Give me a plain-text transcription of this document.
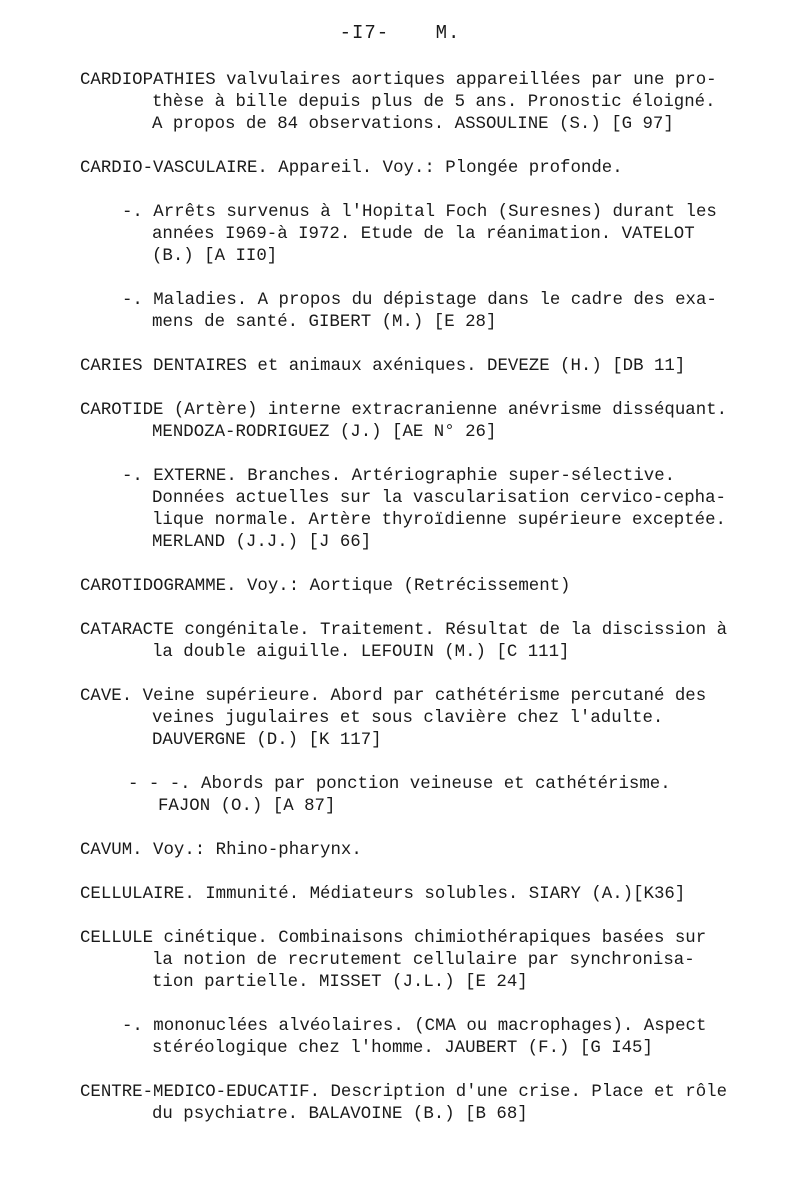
-I7- M.
CARDIOPATHIES valvulaires aortiques appareillées par une pro-
thèse à bille depuis plus de 5 ans. Pronostic éloigné.
A propos de 84 observations. ASSOULINE (S.) [G 97]
CARDIO-VASCULAIRE. Appareil. Voy.: Plongée profonde.
-. Arrêts survenus à l'Hopital Foch (Suresnes) durant les
années I969-à I972. Etude de la réanimation. VATELOT
(B.) [A II0]
-. Maladies. A propos du dépistage dans le cadre des exa-
mens de santé. GIBERT (M.) [E 28]
CARIES DENTAIRES et animaux axéniques. DEVEZE (H.) [DB 11]
CAROTIDE (Artère) interne extracranienne anévrisme disséquant.
MENDOZA-RODRIGUEZ (J.) [AE N° 26]
-. EXTERNE. Branches. Artériographie super-sélective.
Données actuelles sur la vascularisation cervico-cepha-
lique normale. Artère thyroïdienne supérieure exceptée.
MERLAND (J.J.) [J 66]
CAROTIDOGRAMME. Voy.: Aortique (Retrécissement)
CATARACTE congénitale. Traitement. Résultat de la discission à
la double aiguille. LEFOUIN (M.) [C 111]
CAVE. Veine supérieure. Abord par cathétérisme percutané des
veines jugulaires et sous clavière chez l'adulte.
DAUVERGNE (D.) [K 117]
- - -. Abords par ponction veineuse et cathétérisme.
FAJON (O.) [A 87]
CAVUM. Voy.: Rhino-pharynx.
CELLULAIRE. Immunité. Médiateurs solubles. SIARY (A.)[K36]
CELLULE cinétique. Combinaisons chimiothérapiques basées sur
la notion de recrutement cellulaire par synchronisa-
tion partielle. MISSET (J.L.) [E 24]
-. mononuclées alvéolaires. (CMA ou macrophages). Aspect
stéréologique chez l'homme. JAUBERT (F.) [G I45]
CENTRE-MEDICO-EDUCATIF. Description d'une crise. Place et rôle
du psychiatre. BALAVOINE (B.) [B 68]
